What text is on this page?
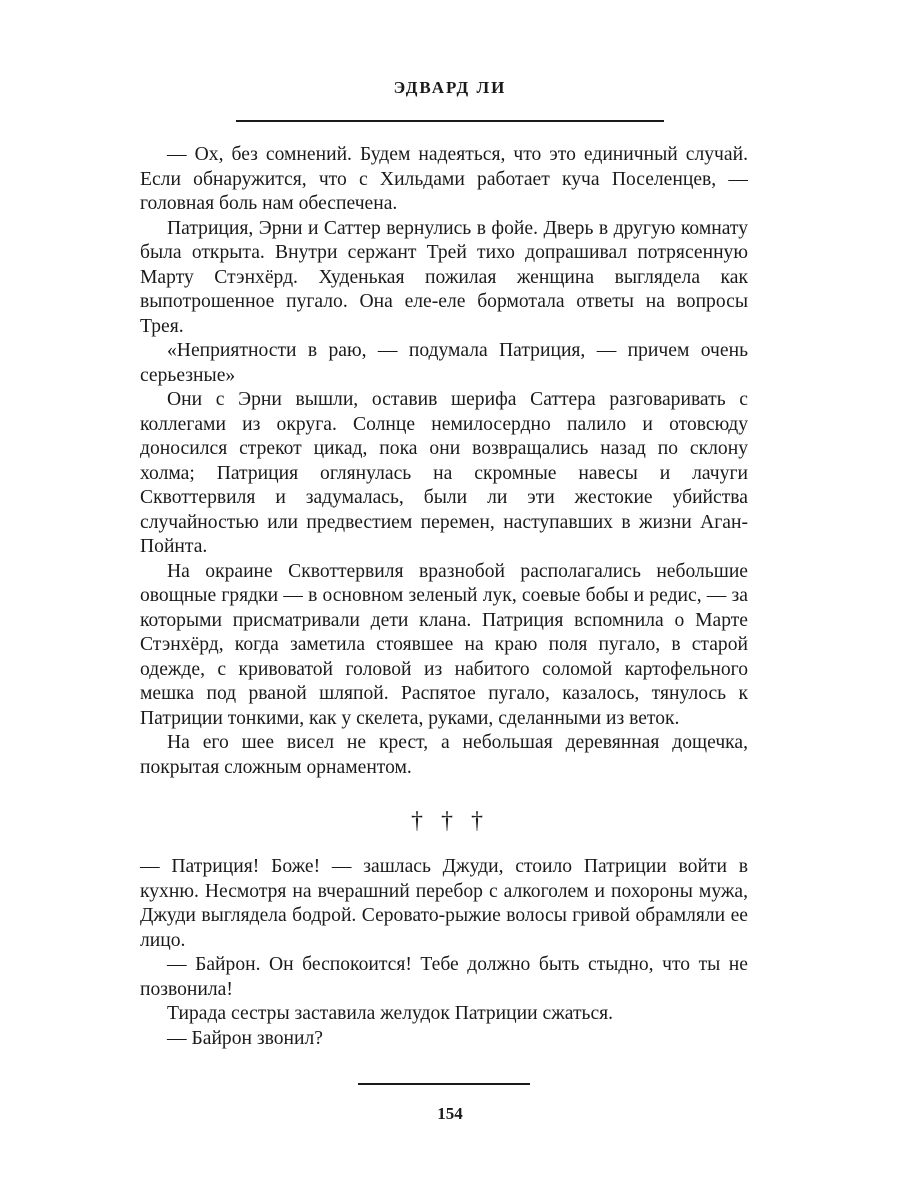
ЭДВАРД ЛИ

— Ох, без сомнений. Будем надеяться, что это единичный случай. Если обнаружится, что с Хильдами работает куча Поселенцев, — головная боль нам обеспечена.

Патриция, Эрни и Саттер вернулись в фойе. Дверь в другую комнату была открыта. Внутри сержант Трей тихо допрашивал потрясенную Марту Стэнхёрд. Худенькая пожилая женщина выглядела как выпотрошенное пугало. Она еле-еле бормотала ответы на вопросы Трея.

«Неприятности в раю, — подумала Патриция, — причем очень серьезные»

Они с Эрни вышли, оставив шерифа Саттера разговаривать с коллегами из округа. Солнце немилосердно палило и отовсюду доносился стрекот цикад, пока они возвращались назад по склону холма; Патриция оглянулась на скромные навесы и лачуги Сквоттервиля и задумалась, были ли эти жестокие убийства случайностью или предвестием перемен, наступавших в жизни Аган-Пойнта.

На окраине Сквоттервиля вразнобой располагались небольшие овощные грядки — в основном зеленый лук, соевые бобы и редис, — за которыми присматривали дети клана. Патриция вспомнила о Марте Стэнхёрд, когда заметила стоявшее на краю поля пугало, в старой одежде, с кривоватой головой из набитого соломой картофельного мешка под рваной шляпой. Распятое пугало, казалось, тянулось к Патриции тонкими, как у скелета, руками, сделанными из веток.

На его шее висел не крест, а небольшая деревянная дощечка, покрытая сложным орнаментом.

† † †

— Патриция! Боже! — зашлась Джуди, стоило Патриции войти в кухню. Несмотря на вчерашний перебор с алкоголем и похороны мужа, Джуди выглядела бодрой. Серовато-рыжие волосы гривой обрамляли ее лицо.

— Байрон. Он беспокоится! Тебе должно быть стыдно, что ты не позвонила!

Тирада сестры заставила желудок Патриции сжаться.

— Байрон звонил?

154
